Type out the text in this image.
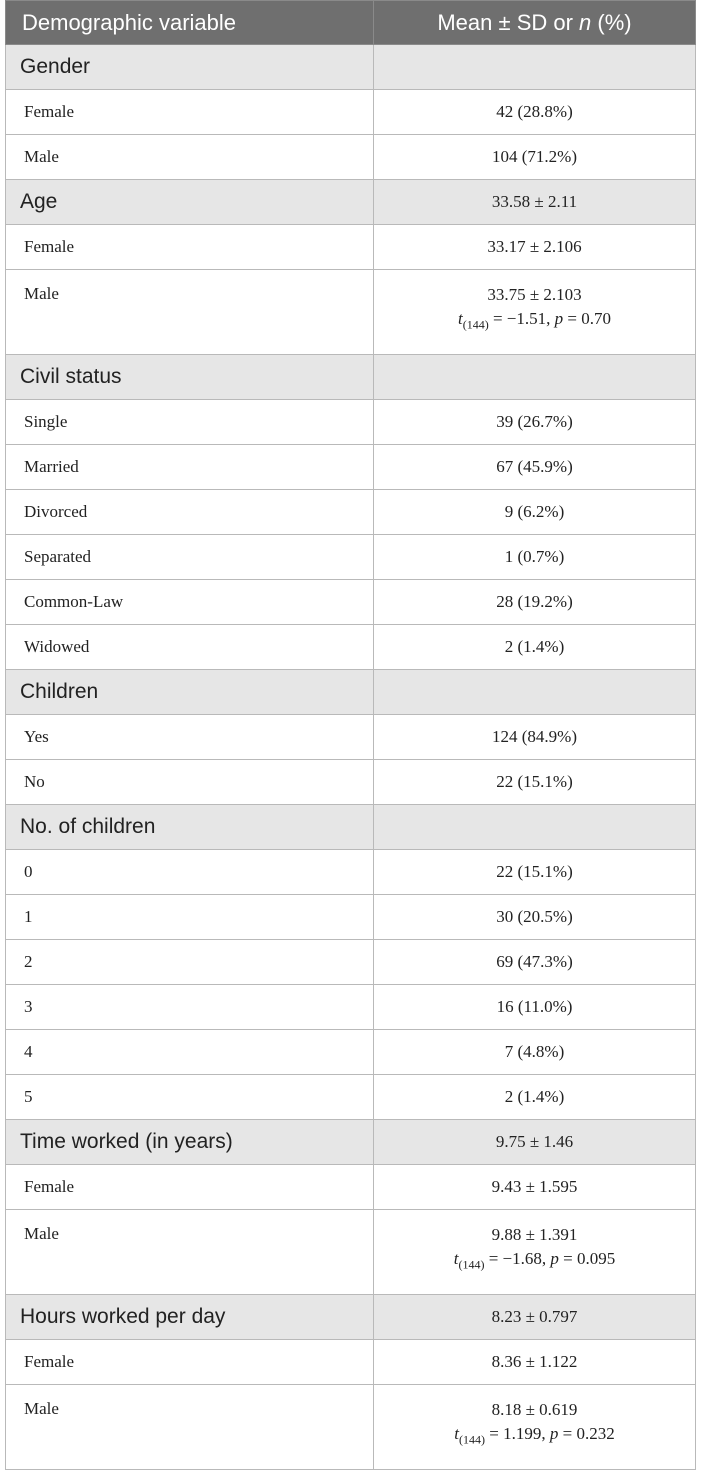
Demographic variable	Mean ± SD or n (%)
Gender	
Female	42 (28.8%)
Male	104 (71.2%)
Age	33.58 ± 2.11
Female	33.17 ± 2.106
Male	33.75 ± 2.103
$t_{(144)} = -1.51$, p = 0.70

Civil status	
Single	39 (26.7%)
Married	67 (45.9%)
Divorced	9 (6.2%)
Separated	1 (0.7%)
Common-Law	28 (19.2%)
Widowed	2 (1.4%)
Children	
Yes	124 (84.9%)
No	22 (15.1%)
No. of children	
0	22 (15.1%)
1	30 (20.5%)
2	69 (47.3%)
3	16 (11.0%)
4	7 (4.8%)
5	2 (1.4%)
Time worked (in years)	9.75 ± 1.46
Female	9.43 ± 1.595
Male	9.88 ± 1.391
$t_{(144)} = -1.68$, p = 0.095

Hours worked per day	8.23 ± 0.797
Female	8.36 ± 1.122
Male	8.18 ± 0.619
$t_{(144)} = 1.199$, p = 0.232
